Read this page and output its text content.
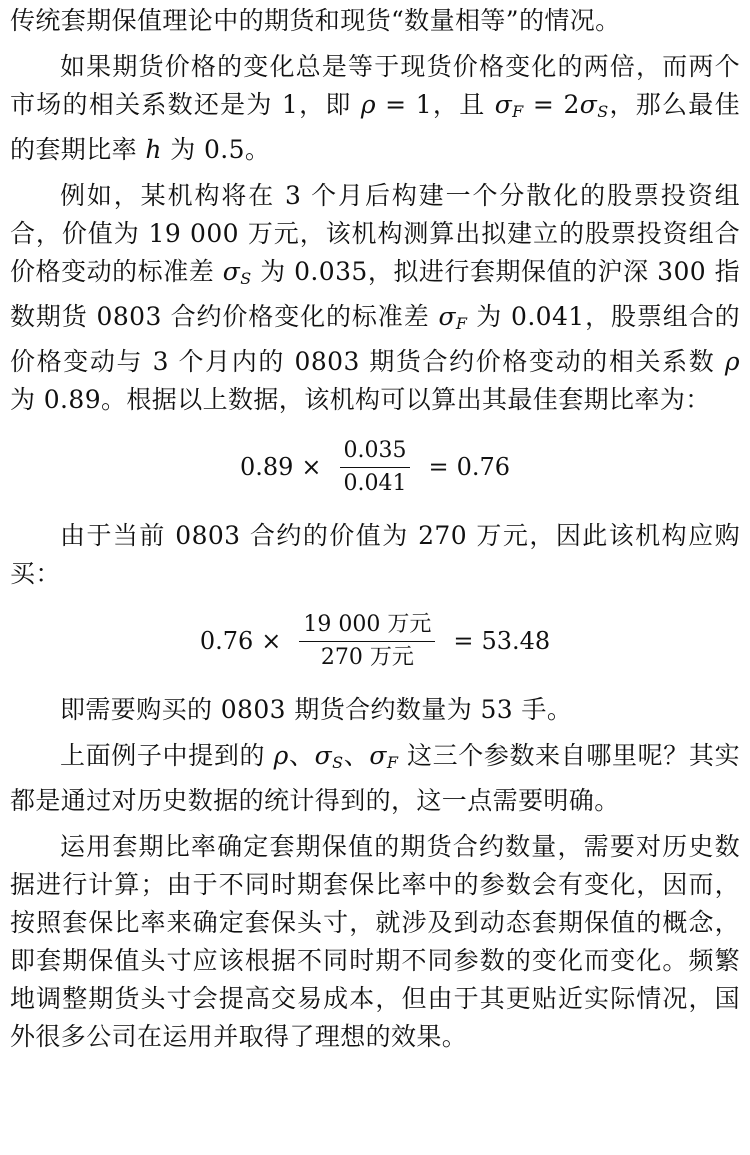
传统套期保值理论中的期货和现货“数量相等”的情况。

如果期货价格的变化总是等于现货价格变化的两倍，而两个市场的相关系数还是为 1，即 ρ = 1，且 $\sigma_F = 2\sigma_S$，那么最佳的套期比率 h 为 0.5。

例如，某机构将在 3 个月后构建一个分散化的股票投资组合，价值为 19 000 万元，该机构测算出拟建立的股票投资组合价格变动的标准差 $\sigma_S$ 为 0.035，拟进行套期保值的沪深 300 指数期货 0803 合约价格变化的标准差 $\sigma_F$ 为 0.041，股票组合的价格变动与 3 个月内的 0803 期货合约价格变动的相关系数 ρ 为 0.89。根据以上数据，该机构可以算出其最佳套期比率为：

$0.89 \times \frac{0.035}{0.041} = 0.76$

由于当前 0803 合约的价值为 270 万元，因此该机构应购买：

$0.76 \times \frac{\text{19 000 万元}}{\text{270 万元}} = 53.48$

即需要购买的 0803 期货合约数量为 53 手。

上面例子中提到的 ρ、$\sigma_S$、$\sigma_F$ 这三个参数来自哪里呢？其实都是通过对历史数据的统计得到的，这一点需要明确。

运用套期比率确定套期保值的期货合约数量，需要对历史数据进行计算；由于不同时期套保比率中的参数会有变化，因而，按照套保比率来确定套保头寸，就涉及到动态套期保值的概念，即套期保值头寸应该根据不同时期不同参数的变化而变化。频繁地调整期货头寸会提高交易成本，但由于其更贴近实际情况，国外很多公司在运用并取得了理想的效果。
